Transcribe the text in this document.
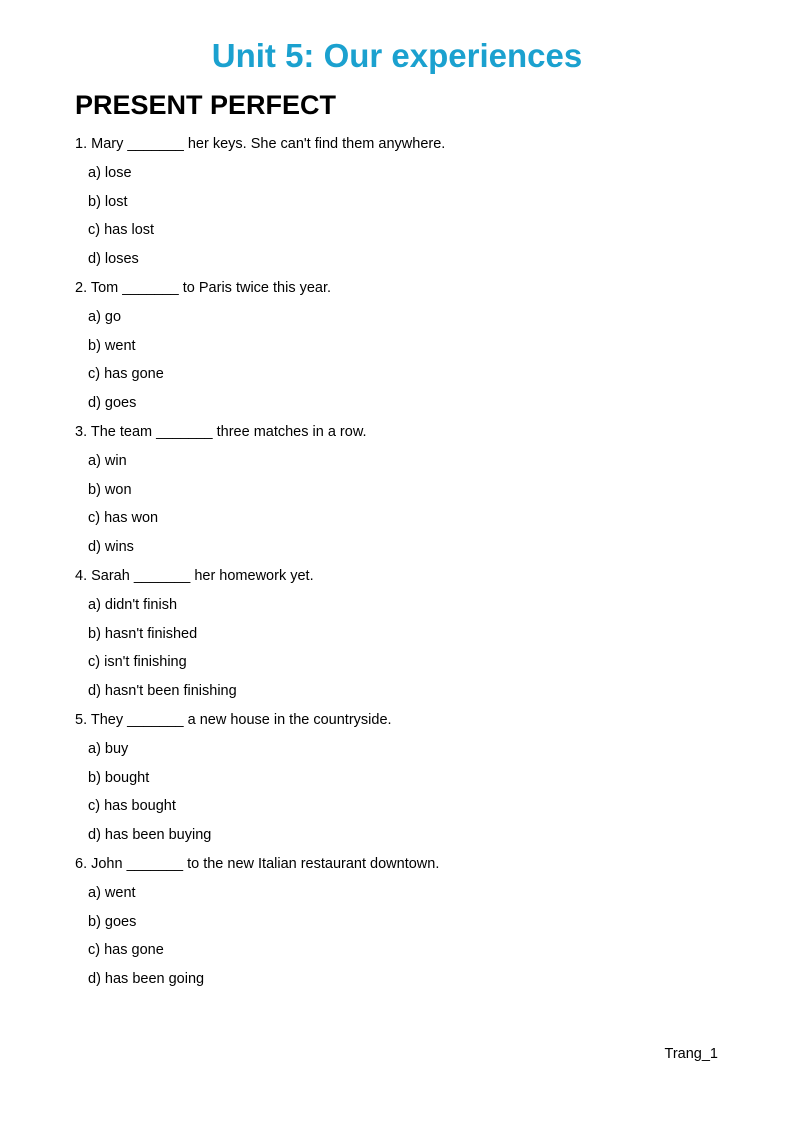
Unit 5: Our experiences
PRESENT PERFECT
1. Mary _______ her keys. She can't find them anywhere.
a) lose
b) lost
c) has lost
d) loses
2. Tom _______ to Paris twice this year.
a) go
b) went
c) has gone
d) goes
3. The team _______ three matches in a row.
a) win
b) won
c) has won
d) wins
4. Sarah _______ her homework yet.
a) didn't finish
b) hasn't finished
c) isn't finishing
d) hasn't been finishing
5. They _______ a new house in the countryside.
a) buy
b) bought
c) has bought
d) has been buying
6. John _______ to the new Italian restaurant downtown.
a) went
b) goes
c) has gone
d) has been going
Trang_1
